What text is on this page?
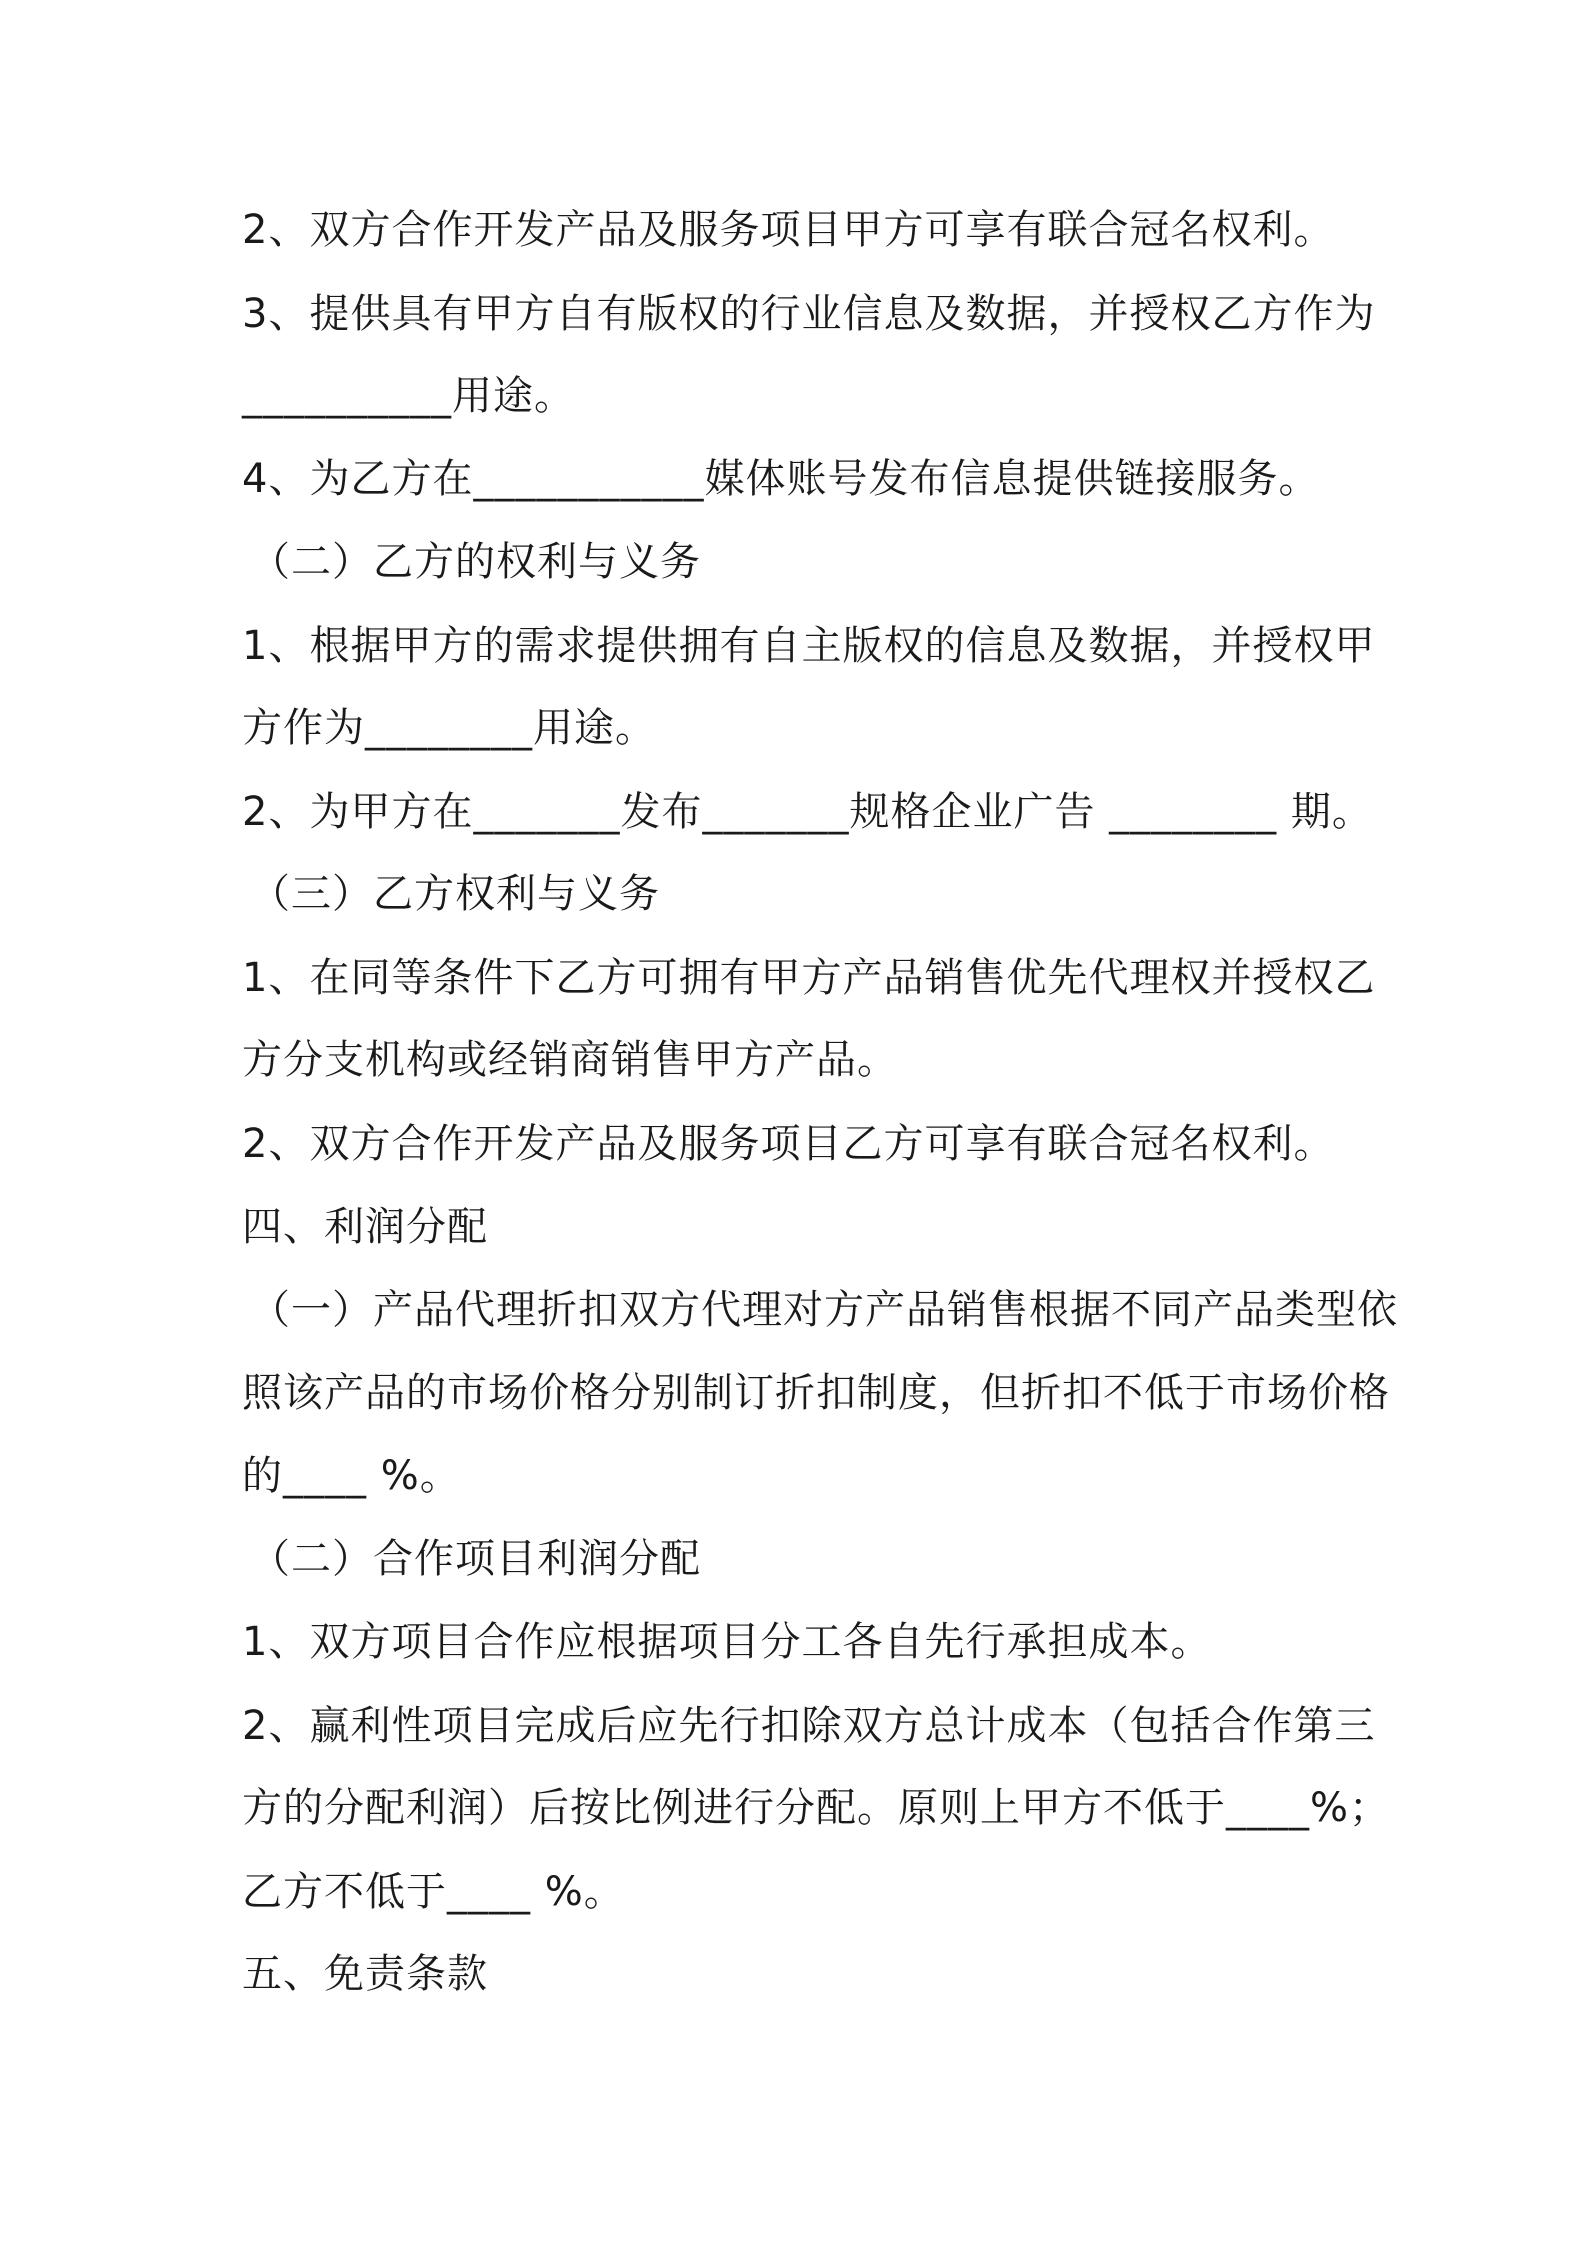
2、双方合作开发产品及服务项目甲方可享有联合冠名权利。
3、提供具有甲方自有版权的行业信息及数据，并授权乙方作为
__________用途。
4、为乙方在___________媒体账号发布信息提供链接服务。
（二）乙方的权利与义务
1、根据甲方的需求提供拥有自主版权的信息及数据，并授权甲
方作为________用途。
2、为甲方在_______发布_______规格企业广告 ________ 期。
（三）乙方权利与义务
1、在同等条件下乙方可拥有甲方产品销售优先代理权并授权乙
方分支机构或经销商销售甲方产品。
2、双方合作开发产品及服务项目乙方可享有联合冠名权利。
四、利润分配
（一）产品代理折扣双方代理对方产品销售根据不同产品类型依
照该产品的市场价格分别制订折扣制度，但折扣不低于市场价格
的____ %。
（二）合作项目利润分配
1、双方项目合作应根据项目分工各自先行承担成本。
2、赢利性项目完成后应先行扣除双方总计成本（包括合作第三
方的分配利润）后按比例进行分配。原则上甲方不低于____%；
乙方不低于____ %。
五、免责条款
